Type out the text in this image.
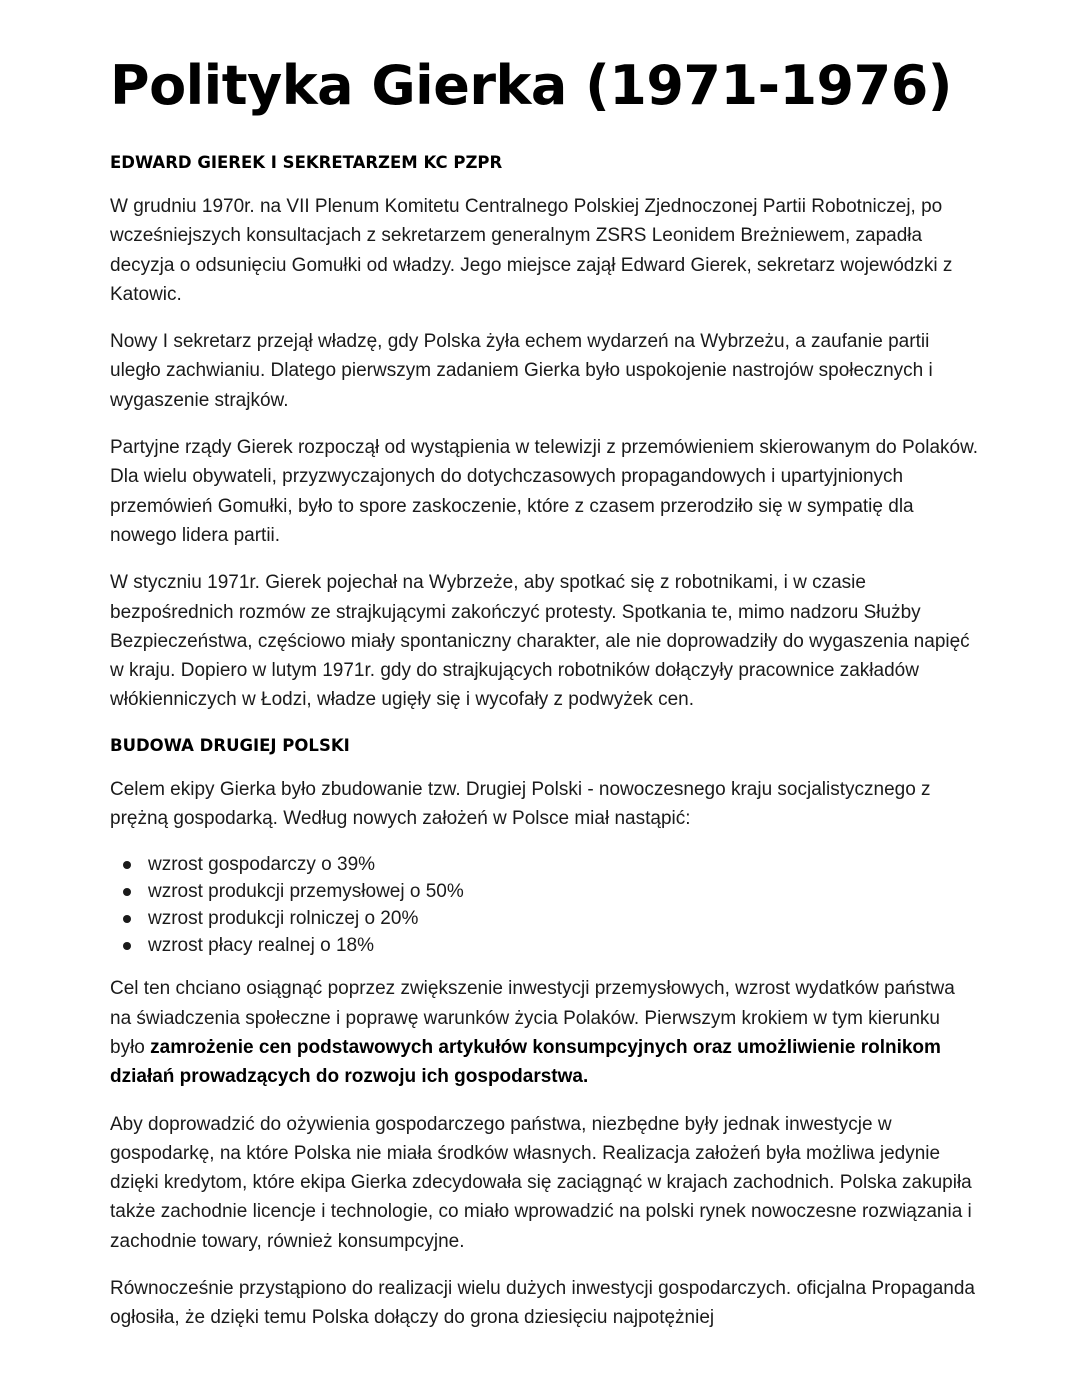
Polityka Gierka (1971-1976)
EDWARD GIEREK I SEKRETARZEM KC PZPR

W grudniu 1970r. na VII Plenum Komitetu Centralnego Polskiej Zjednoczonej Partii Robotniczej, po wcześniejszych konsultacjach z sekretarzem generalnym ZSRS Leonidem Breżniewem, zapadła decyzja o odsunięciu Gomułki od władzy. Jego miejsce zajął Edward Gierek, sekretarz wojewódzki z Katowic.

Nowy I sekretarz przejął władzę, gdy Polska żyła echem wydarzeń na Wybrzeżu, a zaufanie partii uległo zachwianiu. Dlatego pierwszym zadaniem Gierka było uspokojenie nastrojów społecznych i wygaszenie strajków.

Partyjne rządy Gierek rozpoczął od wystąpienia w telewizji z przemówieniem skierowanym do Polaków. Dla wielu obywateli, przyzwyczajonych do dotychczasowych propagandowych i upartyjnionych przemówień Gomułki, było to spore zaskoczenie, które z czasem przerodziło się w sympatię dla nowego lidera partii.

W styczniu 1971r. Gierek pojechał na Wybrzeże, aby spotkać się z robotnikami, i w czasie bezpośrednich rozmów ze strajkującymi zakończyć protesty. Spotkania te, mimo nadzoru Służby Bezpieczeństwa, częściowo miały spontaniczny charakter, ale nie doprowadziły do wygaszenia napięć w kraju. Dopiero w lutym 1971r. gdy do strajkujących robotników dołączyły pracownice zakładów włókienniczych w Łodzi, władze ugięły się i wycofały z podwyżek cen.

BUDOWA DRUGIEJ POLSKI

Celem ekipy Gierka było zbudowanie tzw. Drugiej Polski - nowoczesnego kraju socjalistycznego z prężną gospodarką. Według nowych założeń w Polsce miał nastąpić:

wzrost gospodarczy o 39%
wzrost produkcji przemysłowej o 50%
wzrost produkcji rolniczej o 20%
wzrost płacy realnej o 18%

Cel ten chciano osiągnąć poprzez zwiększenie inwestycji przemysłowych, wzrost wydatków państwa na świadczenia społeczne i poprawę warunków życia Polaków. Pierwszym krokiem w tym kierunku było zamrożenie cen podstawowych artykułów konsumpcyjnych oraz umożliwienie rolnikom działań prowadzących do rozwoju ich gospodarstwa.

Aby doprowadzić do ożywienia gospodarczego państwa, niezbędne były jednak inwestycje w gospodarkę, na które Polska nie miała środków własnych. Realizacja założeń była możliwa jedynie dzięki kredytom, które ekipa Gierka zdecydowała się zaciągnąć w krajach zachodnich. Polska zakupiła także zachodnie licencje i technologie, co miało wprowadzić na polski rynek nowoczesne rozwiązania i zachodnie towary, również konsumpcyjne.

Równocześnie przystąpiono do realizacji wielu dużych inwestycji gospodarczych. oficjalna Propaganda ogłosiła, że dzięki temu Polska dołączy do grona dziesięciu najpotężniej
